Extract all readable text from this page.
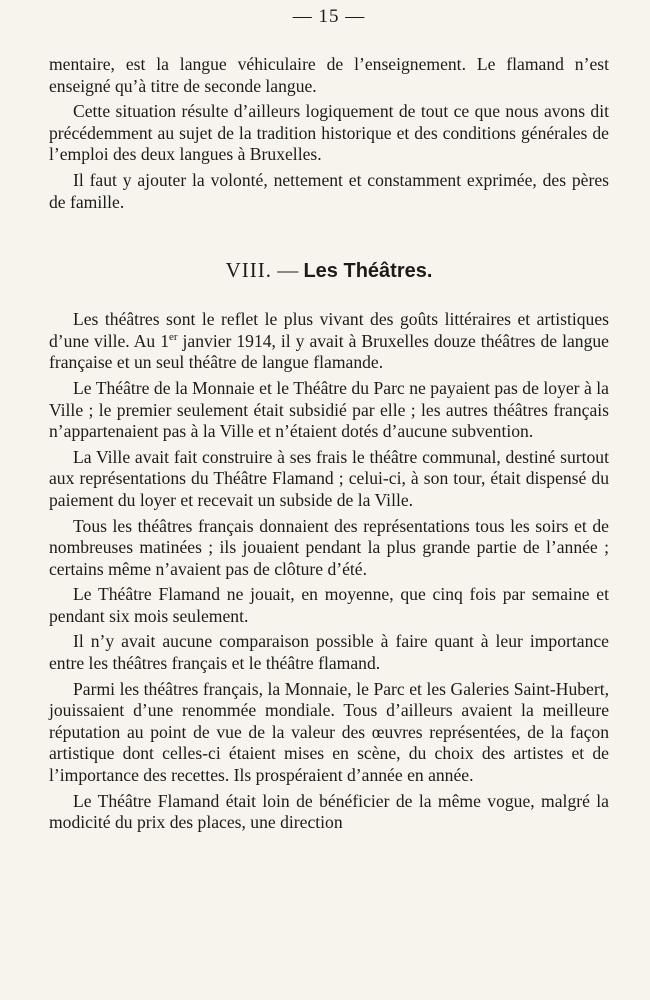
— 15 —

mentaire, est la langue véhiculaire de l’enseignement. Le flamand n’est enseigné qu’à titre de seconde langue.

Cette situation résulte d’ailleurs logiquement de tout ce que nous avons dit précédemment au sujet de la tradition historique et des conditions générales de l’emploi des deux langues à Bruxelles.

Il faut y ajouter la volonté, nettement et constamment exprimée, des pères de famille.

VIII. — Les Théâtres.

Les théâtres sont le reflet le plus vivant des goûts littéraires et artistiques d’une ville. Au 1er janvier 1914, il y avait à Bruxelles douze théâtres de langue française et un seul théâtre de langue flamande.

Le Théâtre de la Monnaie et le Théâtre du Parc ne payaient pas de loyer à la Ville ; le premier seulement était subsidié par elle ; les autres théâtres français n’appartenaient pas à la Ville et n’étaient dotés d’aucune subvention.

La Ville avait fait construire à ses frais le théâtre communal, destiné surtout aux représentations du Théâtre Flamand ; celui-ci, à son tour, était dispensé du paiement du loyer et recevait un subside de la Ville.

Tous les théâtres français donnaient des représentations tous les soirs et de nombreuses matinées ; ils jouaient pendant la plus grande partie de l’année ; certains même n’avaient pas de clôture d’été.

Le Théâtre Flamand ne jouait, en moyenne, que cinq fois par semaine et pendant six mois seulement.

Il n’y avait aucune comparaison possible à faire quant à leur importance entre les théâtres français et le théâtre flamand.

Parmi les théâtres français, la Monnaie, le Parc et les Galeries Saint-Hubert, jouissaient d’une renommée mondiale. Tous d’ailleurs avaient la meilleure réputation au point de vue de la valeur des œuvres représentées, de la façon artistique dont celles-ci étaient mises en scène, du choix des artistes et de l’importance des recettes. Ils prospéraient d’année en année.

Le Théâtre Flamand était loin de bénéficier de la même vogue, malgré la modicité du prix des places, une direction
